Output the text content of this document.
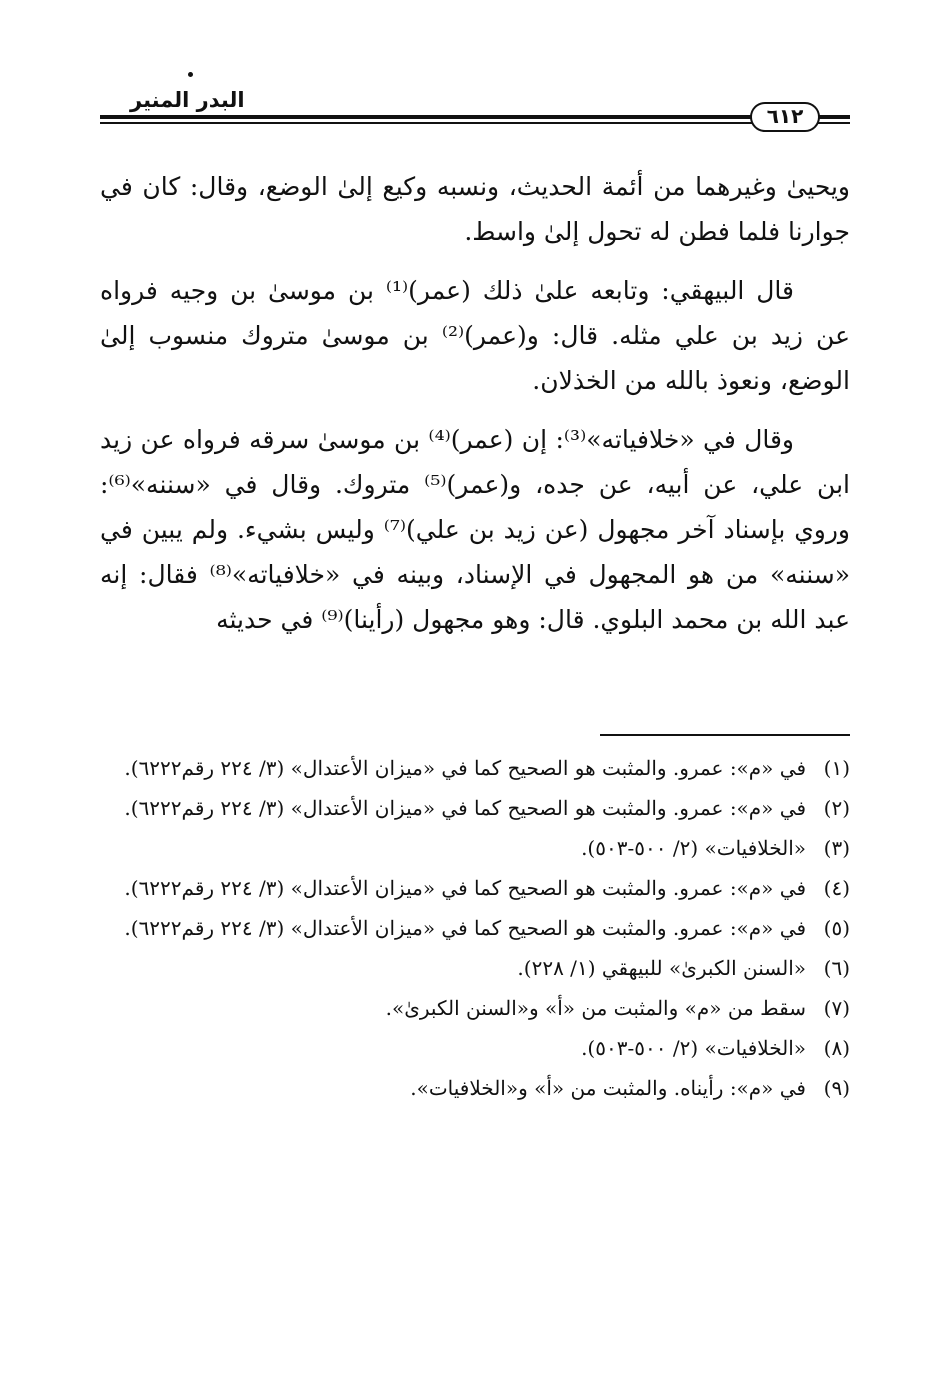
البدر المنير
٦١٢

ويحيىٰ وغيرهما من أئمة الحديث، ونسبه وكيع إلىٰ الوضع، وقال: كان في جوارنا فلما فطن له تحول إلىٰ واسط.

قال البيهقي: وتابعه علىٰ ذلك (عمر)⁽¹⁾ بن موسىٰ بن وجيه فرواه عن زيد بن علي مثله. قال: و(عمر)⁽²⁾ بن موسىٰ متروك منسوب إلىٰ الوضع، ونعوذ بالله من الخذلان.

وقال في «خلافياته»⁽³⁾: إن (عمر)⁽⁴⁾ بن موسىٰ سرقه فرواه عن زيد ابن علي، عن أبيه، عن جده، و(عمر)⁽⁵⁾ متروك. وقال في «سننه»⁽⁶⁾: وروي بإسناد آخر مجهول (عن زيد بن علي)⁽⁷⁾ وليس بشيء. ولم يبين في «سننه» من هو المجهول في الإسناد، وبينه في «خلافياته»⁽⁸⁾ فقال: إنه عبد الله بن محمد البلوي. قال: وهو مجهول (رأينا)⁽⁹⁾ في حديثه

(١)
في «م»: عمرو. والمثبت هو الصحيح كما في «ميزان الأعتدال» (٣/ ٢٢٤ رقم٦٢٢٢).
(٢)
في «م»: عمرو. والمثبت هو الصحيح كما في «ميزان الأعتدال» (٣/ ٢٢٤ رقم٦٢٢٢).
(٣)
«الخلافيات» (٢/ ٥٠٠-٥٠٣).
(٤)
في «م»: عمرو. والمثبت هو الصحيح كما في «ميزان الأعتدال» (٣/ ٢٢٤ رقم٦٢٢٢).
(٥)
في «م»: عمرو. والمثبت هو الصحيح كما في «ميزان الأعتدال» (٣/ ٢٢٤ رقم٦٢٢٢).
(٦)
«السنن الكبرىٰ» للبيهقي (١/ ٢٢٨).
(٧)
سقط من «م» والمثبت من «أ» و«السنن الكبرىٰ».
(٨)
«الخلافيات» (٢/ ٥٠٠-٥٠٣).
(٩)
في «م»: رأيناه. والمثبت من «أ» و«الخلافيات».
